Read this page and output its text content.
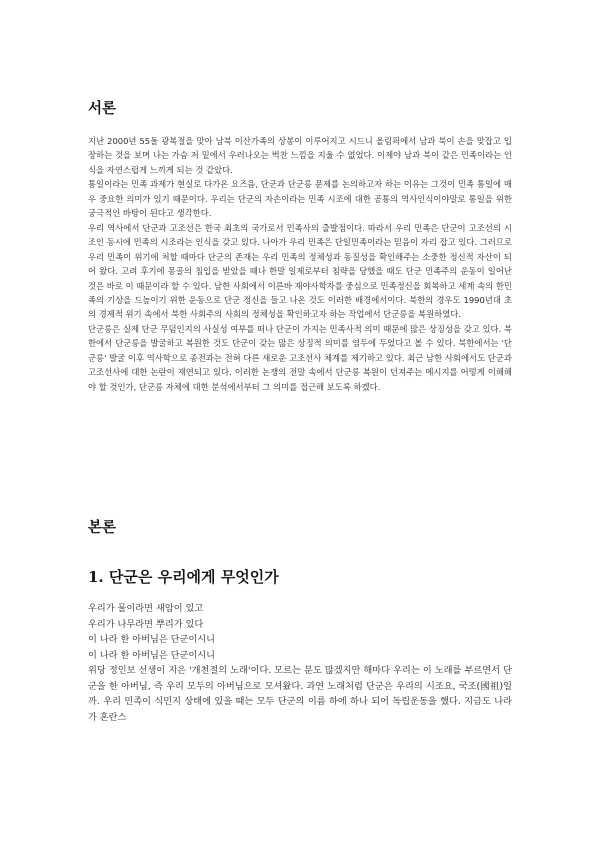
서론

지난 2000년 55돌 광복절을 맞아 남북 이산가족의 상봉이 이루어지고 시드니 올림픽에서 남과 북이 손을 맞잡고 입장하는 것을 보며 나는 가슴 저 밑에서 우러나오는 벅찬 느낌을 지울 수 없었다. 이제야 남과 북이 같은 민족이라는 인식을 자연스럽게 느끼게 되는 것 같았다.

통일이라는 민족 과제가 현실로 다가온 요즈음, 단군과 단군릉 문제를 논의하고자 하는 이유는 그것이 민족 통일에 매우 중요한 의미가 있기 때문이다. 우리는 단군의 자손이라는 민족 시조에 대한 공통의 역사인식이야말로 통일을 위한 궁극적인 바탕이 된다고 생각한다.

우리 역사에서 단군과 고조선은 한국 최초의 국가로서 민족사의 출발점이다. 따라서 우리 민족은 단군이 고조선의 시조인 동시에 민족의 시조라는 인식을 갖고 있다. 나아가 우리 민족은 단일민족이라는 믿음이 자리 잡고 있다. 그러므로 우리 민족이 위기에 처할 때마다 단군의 존재는 우리 민족의 정체성과 동질성을 확인해주는 소중한 정신적 자산이 되어 왔다. 고려 후기에 몽골의 침입을 받았을 때나 한말 일제로부터 침략을 당했을 때도 단군 민족주의 운동이 일어난 것은 바로 이 때문이라 할 수 있다. 남한 사회에서 이른바 재야사학자를 중심으로 민족정신을 회복하고 세계 속의 한민족의 기상을 드높이기 위한 운동으로 단군 정신을 들고 나온 것도 이러한 배경에서이다. 북한의 경우도 1990년대 초의 경제적 위기 속에서 북한 사회주의 사회의 정체성을 확인하고자 하는 작업에서 단군릉을 복원하였다.

단군릉은 실제 단군 무덤인지의 사실성 여부를 떠나 단군이 가지는 민족사적 의미 때문에 많은 상징성을 갖고 있다. 북한에서 단군릉을 발굴하고 복원한 것도 단군이 갖는 많은 상징적 의미를 염두에 두었다고 볼 수 있다. 북한에서는 '단군릉' 발굴 이후 역사학으로 종전과는 전혀 다른 새로운 고조선사 체계를 제기하고 있다. 최근 남한 사회에서도 단군과 고조선사에 대한 논란이 재연되고 있다. 이러한 논쟁의 전말 속에서 단군릉 복원이 던져주는 메시지를 어떻게 이해해야 할 것인가, 단군릉 자체에 대한 분석에서부터 그 의미를 접근해 보도록 하겠다.

본론
1. 단군은 우리에게 무엇인가
우리가 물이라면 새암이 있고
우리가 나무라면 뿌리가 있다
이 나라 한 아버님은 단군이시니
이 나라 한 아버님은 단군이시니

위당 정인보 선생이 지은 '개천절의 노래'이다. 모르는 분도 많겠지만 해마다 우리는 이 노래를 부르면서 단군을 한 아버님, 즉 우리 모두의 아버님으로 모셔왔다. 과연 노래처럼 단군은 우리의 시조요, 국조(國祖)일까. 우리 민족이 식민지 상태에 있을 때는 모두 단군의 이름 하에 하나 되어 독립운동을 했다. 지금도 나라가 혼란스
